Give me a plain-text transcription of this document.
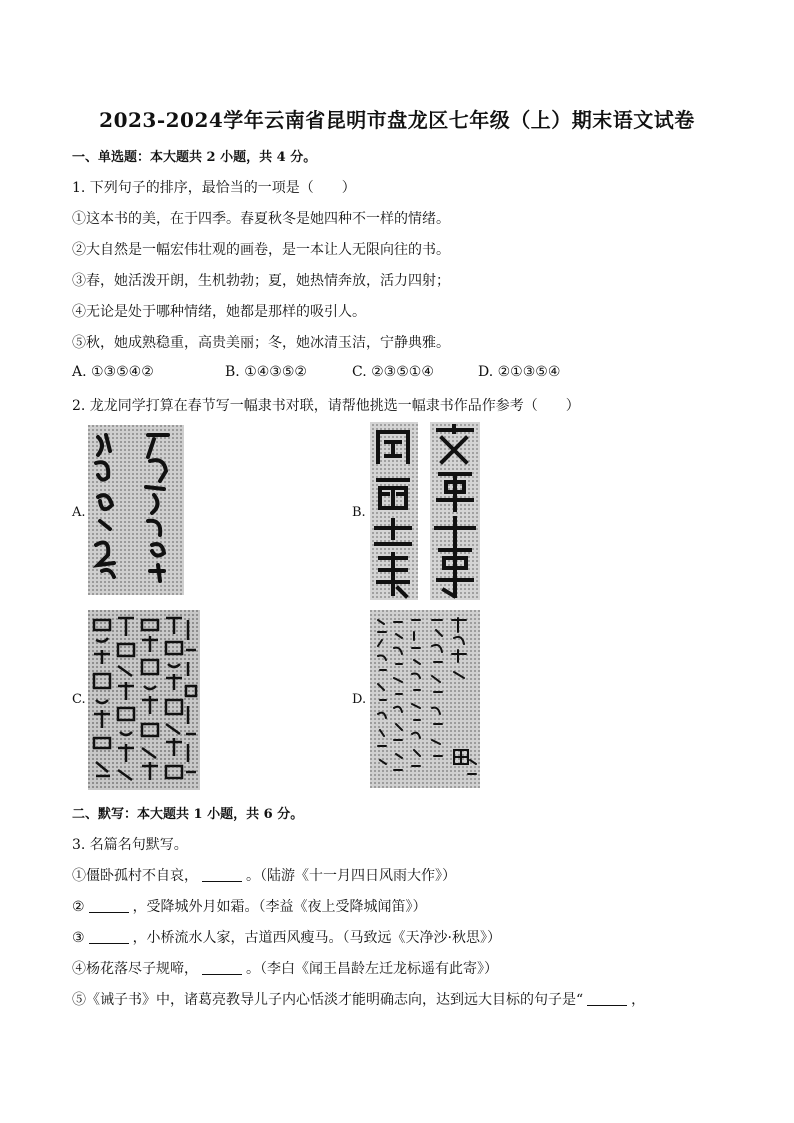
2023-2024学年云南省昆明市盘龙区七年级（上）期末语文试卷
一、单选题：本大题共 2 小题，共 4 分。
1. 下列句子的排序，最恰当的一项是（　　）
①这本书的美，在于四季。春夏秋冬是她四种不一样的情绪。
②大自然是一幅宏伟壮观的画卷，是一本让人无限向往的书。
③春，她活泼开朗，生机勃勃；夏，她热情奔放，活力四射；
④无论是处于哪种情绪，她都是那样的吸引人。
⑤秋，她成熟稳重，高贵美丽；冬，她冰清玉洁，宁静典雅。
A. ①③⑤④②	B. ①④③⑤②	C. ②③⑤①④	D. ②①③⑤④
2. 龙龙同学打算在春节写一幅隶书对联，请帮他挑选一幅隶书作品作参考（　　）
A.	B.
C.	D.
二、默写：本大题共 1 小题，共 6 分。
3. 名篇名句默写。
①僵卧孤村不自哀，	。（陆游《十一月四日风雨大作》）
②	，受降城外月如霜。（李益《夜上受降城闻笛》）
③	，小桥流水人家，古道西风瘦马。（马致远《天净沙·秋思》）
④杨花落尽子规啼，	。（李白《闻王昌龄左迁龙标遥有此寄》）
⑤《诫子书》中，诸葛亮教导儿子内心恬淡才能明确志向，达到远大目标的句子是“	，
